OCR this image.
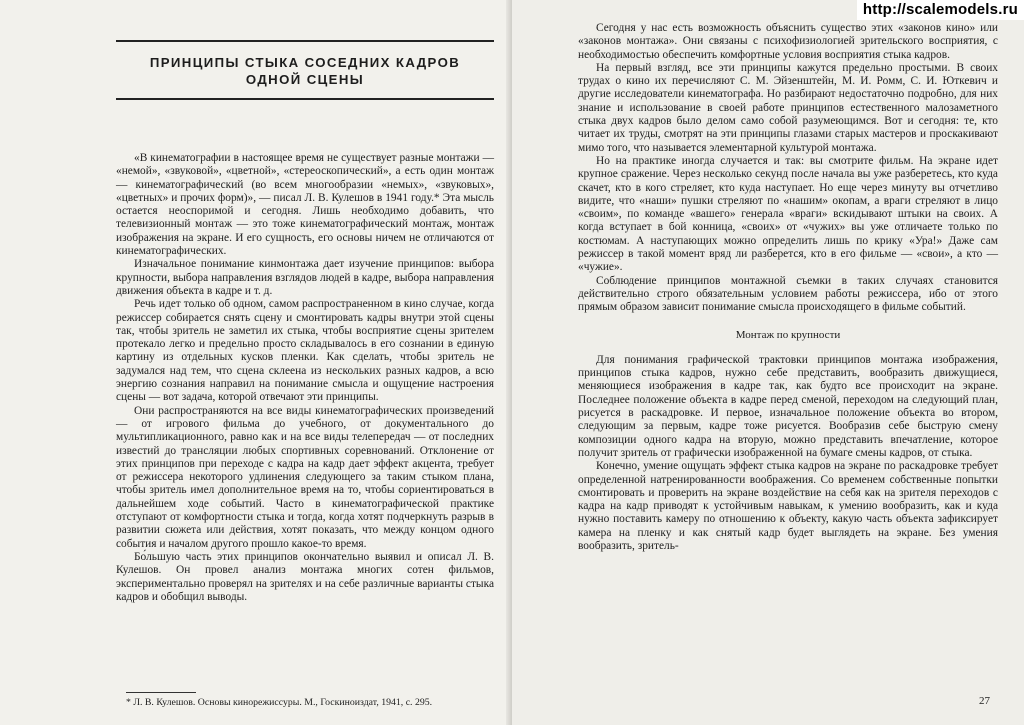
ПРИНЦИПЫ СТЫКА СОСЕДНИХ КАДРОВ
ОДНОЙ СЦЕНЫ

«В кинематографии в настоящее время не существует разные монтажи — «немой», «звуковой», «цветной», «стереоскопический», а есть один монтаж — кинематографический (во всем многообразии «немых», «звуковых», «цветных» и прочих форм)», — писал Л. В. Кулешов в 1941 году.* Эта мысль остается неоспоримой и сегодня. Лишь необходимо добавить, что телевизионный монтаж — это тоже кинематографический монтаж, монтаж изображения на экране. И его сущность, его основы ничем не отличаются от кинематографических.

Изначальное понимание кинмонтажа дает изучение принципов: выбора крупности, выбора направления взглядов людей в кадре, выбора направления движения объекта в кадре и т. д.

Речь идет только об одном, самом распространенном в кино случае, когда режиссер собирается снять сцену и смонтировать кадры внутри этой сцены так, чтобы зритель не заметил их стыка, чтобы восприятие сцены зрителем протекало легко и предельно просто складывалось в его сознании в единую картину из отдельных кусков пленки. Как сделать, чтобы зритель не задумался над тем, что сцена склеена из нескольких разных кадров, а всю энергию сознания направил на понимание смысла и ощущение настроения сцены — вот задача, которой отвечают эти принципы.

Они распространяются на все виды кинематографических произведений — от игрового фильма до учебного, от документального до мультипликационного, равно как и на все виды телепередач — от последних известий до трансляции любых спортивных соревнований. Отклонение от этих принципов при переходе с кадра на кадр дает эффект акцента, требует от режиссера некоторого удлинения следующего за таким стыком плана, чтобы зритель имел дополнительное время на то, чтобы сориентироваться в дальнейшем ходе событий. Часто в кинематографической практике отступают от комфортности стыка и тогда, когда хотят подчеркнуть разрыв в развитии сюжета или действия, хотят показать, что между концом одного события и началом другого прошло какое-то время.

Бо́льшую часть этих принципов окончательно выявил и описал Л. В. Кулешов. Он провел анализ монтажа многих сотен фильмов, экспериментально проверял на зрителях и на себе различные варианты стыка кадров и обобщил выводы.

* Л. В. Кулешов. Основы кинорежиссуры. М., Госкиноиздат, 1941, с. 295.

Сегодня у нас есть возможность объяснить существо этих «законов кино» или «законов монтажа». Они связаны с психофизиологией зрительского восприятия, с необходимостью обеспечить комфортные условия восприятия стыка кадров.

На первый взгляд, все эти принципы кажутся предельно простыми. В своих трудах о кино их перечисляют С. М. Эйзенштейн, М. И. Ромм, С. И. Юткевич и другие исследователи кинематографа. Но разбирают недостаточно подробно, для них знание и использование в своей работе принципов естественного малозаметного стыка двух кадров было делом само собой разумеющимся. Вот и сегодня: те, кто читает их труды, смотрят на эти принципы глазами старых мастеров и проскакивают мимо того, что называется элементарной культурой монтажа.

Но на практике иногда случается и так: вы смотрите фильм. На экране идет крупное сражение. Через несколько секунд после начала вы уже разберетесь, кто куда скачет, кто в кого стреляет, кто куда наступает. Но еще через минуту вы отчетливо видите, что «наши» пушки стреляют по «нашим» окопам, а враги стреляют в лицо «своим», по команде «вашего» генерала «враги» вскидывают штыки на своих. А когда вступает в бой конница, «своих» от «чужих» вы уже отличаете только по костюмам. А наступающих можно определить лишь по крику «Ура!» Даже сам режиссер в такой момент вряд ли разберется, кто в его фильме — «свои», а кто — «чужие».

Соблюдение принципов монтажной съемки в таких случаях становится действительно строго обязательным условием работы режиссера, ибо от этого прямым образом зависит понимание смысла происходящего в фильме событий.

Монтаж по крупности

Для понимания графической трактовки принципов монтажа изображения, принципов стыка кадров, нужно себе представить, вообразить движущиеся, меняющиеся изображения в кадре так, как будто все происходит на экране. Последнее положение объекта в кадре перед сменой, переходом на следующий план, рисуется в раскадровке. И первое, изначальное положение объекта во втором, следующим за первым, кадре тоже рисуется. Вообразив себе быструю смену композиции одного кадра на вторую, можно представить впечатление, которое получит зритель от графически изображенной на бумаге смены кадров, от стыка.

Конечно, умение ощущать эффект стыка кадров на экране по раскадровке требует определенной натренированности воображения. Со временем собственные попытки смонтировать и проверить на экране воздействие на себя как на зрителя переходов с кадра на кадр приводят к устойчивым навыкам, к умению вообразить, как и куда нужно поставить камеру по отношению к объекту, какую часть объекта зафиксирует камера на пленку и как снятый кадр будет выглядеть на экране. Без умения вообразить, зритель-

27
http://scalemodels.ru
